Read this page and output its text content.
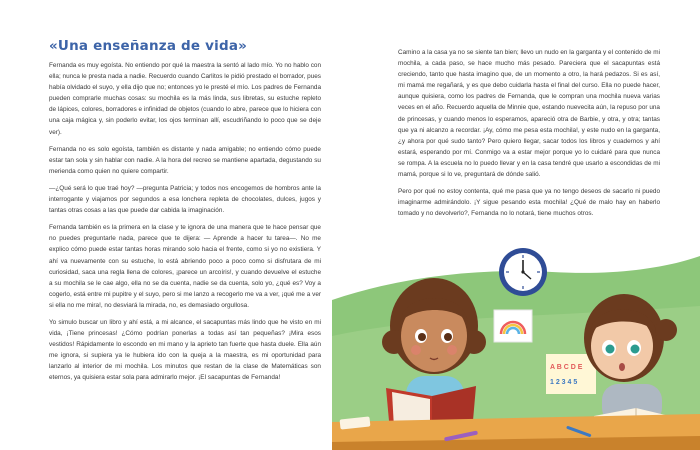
«Una enseñanza de vida»

Fernanda es muy egoísta. No entiendo por qué la maestra la sentó al lado mío. Yo no hablo con ella; nunca le presta nada a nadie. Recuerdo cuando Carlitos le pidió prestado el borrador, pues había olvidado el suyo, y ella dijo que no; entonces yo le presté el mío. Los padres de Fernanda pueden comprarle muchas cosas: su mochila es la más linda, sus libretas, su estuche repleto de lápices, colores, borradores e infinidad de objetos (cuando lo abre, parece que lo hiciera con una caja mágica y, sin poderlo evitar, los ojos terminan allí, escudriñando lo poco que se deje ver).

Fernanda no es solo egoísta, también es distante y nada amigable; no entiendo cómo puede estar tan sola y sin hablar con nadie. A la hora del recreo se mantiene apartada, degustando su merienda como quien no quiere compartir.

—¿Qué será lo que traé hoy? —pregunta Patricia; y todos nos encogemos de hombros ante la interrogante y viajamos por segundos a esa lonchera repleta de chocolates, dulces, jugos y tantas otras cosas a las que puede dar cabida la imaginación.

Fernanda también es la primera en la clase y te ignora de una manera que te hace pensar que no puedes preguntarle nada, parece que te dijera: — Aprende a hacer tu tarea—. No me explico cómo puede estar tantas horas mirando solo hacia el frente, como si yo no existiera. Y ahí va nuevamente con su estuche, lo está abriendo poco a poco como si disfrutara de mi curiosidad, saca una regla llena de colores, ¡parece un arcoíris!, y cuando devuelve el estuche a su mochila se le cae algo, ella no se da cuenta, nadie se da cuenta, solo yo, ¿qué es? Voy a cogerlo, está entre mi pupitre y el suyo, pero si me lanzo a recogerlo me va a ver, ¡qué me a ver si ella no me mira!, no desviará la mirada, no, es demasiado orgullosa.

Yo simulo buscar un libro y ahí está, a mi alcance, el sacapuntas más lindo que he visto en mi vida, ¡Tiene princesas! ¿Cómo podrían ponerlas a todas así tan pequeñas? ¡Mira esos vestidos! Rápidamente lo escondo en mi mano y la aprieto tan fuerte que hasta duele. Ella aún me ignora, si supiera ya le hubiera ido con la queja a la maestra, es mi oportunidad para lanzarlo al interior de mi mochila. Los minutos que restan de la clase de Matemáticas son eternos, ya quisiera estar sola para admirarlo mejor. ¡El sacapuntas de Fernanda!

Camino a la casa ya no se siente tan bien; llevo un nudo en la garganta y el contenido de mi mochila, a cada paso, se hace mucho más pesado. Pareciera que el sacapuntas está creciendo, tanto que hasta imagino que, de un momento a otro, la hará pedazos. Si es así, mi mamá me regañará, y es que debo cuidarla hasta el final del curso. Ella no puede hacer, aunque quisiera, como los padres de Fernanda, que le compran una mochila nueva varias veces en el año. Recuerdo aquella de Minnie que, estando nuevecita aún, la repuso por una de princesas, y cuando menos lo esperamos, apareció otra de Barbie, y otra, y otra; tantas que ya ni alcanzo a recordar. ¡Ay, cómo me pesa esta mochila!, y este nudo en la garganta, ¿y ahora por qué sudo tanto? Pero quiero llegar, sacar todos los libros y cuadernos y ahí estará, esperando por mí. Conmigo va a estar mejor porque yo lo cuidaré para que nunca se rompa. A la escuela no lo puedo llevar y en la casa tendré que usarlo a escondidas de mi mamá, porque si lo ve, preguntará de dónde salió.

Pero por qué no estoy contenta, qué me pasa que ya no tengo deseos de sacarlo ni puedo imaginarme admirándolo. ¡Y sigue pesando esta mochila! ¿Qué de malo hay en haberlo tomado y no devolverlo?, Fernanda no lo notará, tiene muchos otros.

A B C D E
1 2 3 4 5
